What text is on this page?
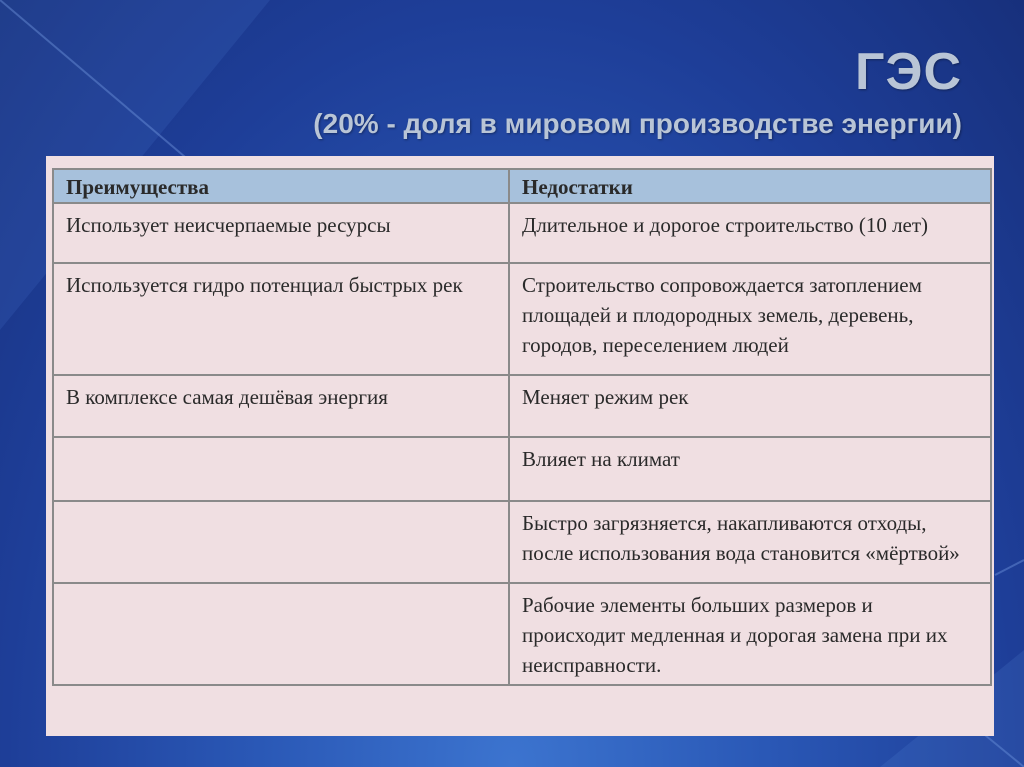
ГЭС
(20% - доля в мировом производстве энергии)
Преимущества	Недостатки
Использует неисчерпаемые ресурсы	Длительное и дорогое строительство (10 лет)
Используется гидро потенциал быстрых рек	Строительство сопровождается затоплением площадей и плодородных земель, деревень, городов, переселением людей
В комплексе самая дешёвая энергия	Меняет режим рек
	Влияет на климат
	Быстро загрязняется, накапливаются отходы, после использования вода становится «мёртвой»
	Рабочие элементы больших размеров и происходит медленная и дорогая замена при их неисправности.
